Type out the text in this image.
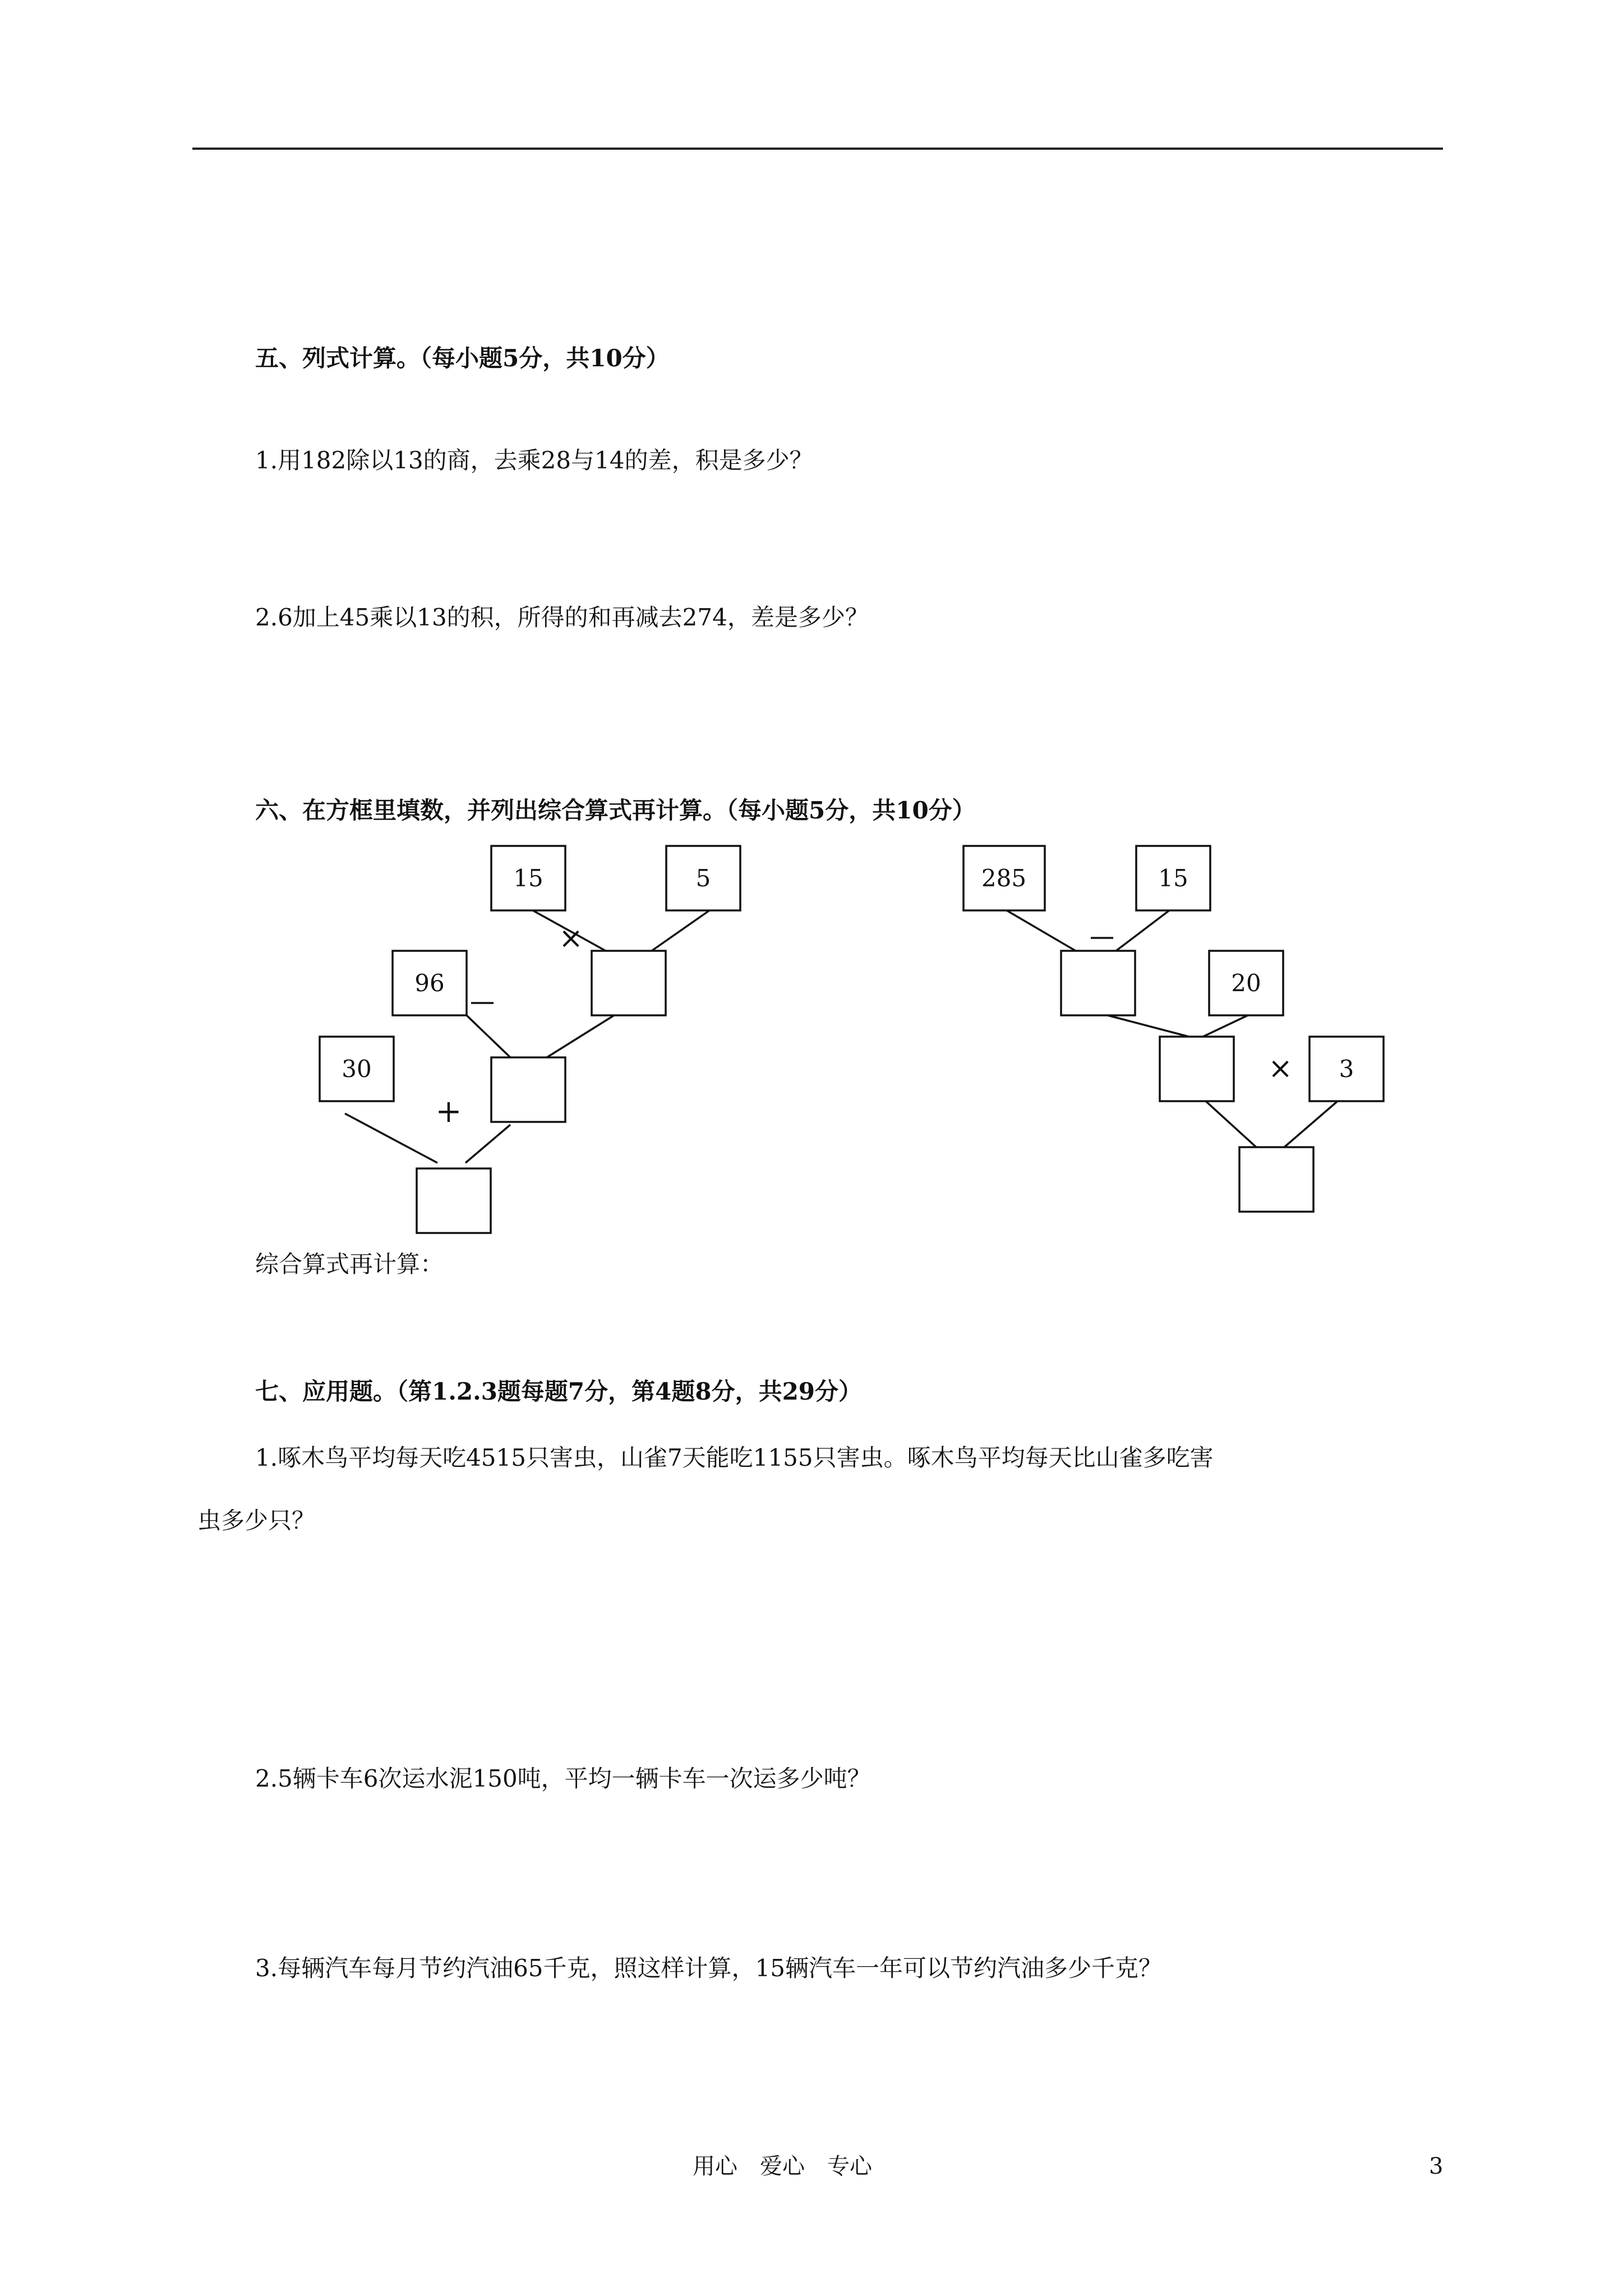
五、列式计算。（每小题5分，共10分）
1.用182除以13的商，去乘28与14的差，积是多少？
2.6加上45乘以13的积，所得的和再减去274，差是多少？
六、在方框里填数，并列出综合算式再计算。（每小题5分，共10分）
15	5
×
96
30
+
285	15
20
× 3
综合算式再计算：
七、应用题。（第1.2.3题每题7分，第4题8分，共29分）
1.啄木鸟平均每天吃4515只害虫，山雀7天能吃1155只害虫。啄木鸟平均每天比山雀多吃害
虫多少只？
2.5辆卡车6次运水泥150吨，平均一辆卡车一次运多少吨？
3.每辆汽车每月节约汽油65千克，照这样计算，15辆汽车一年可以节约汽油多少千克？
用心　爱心　专心	3
